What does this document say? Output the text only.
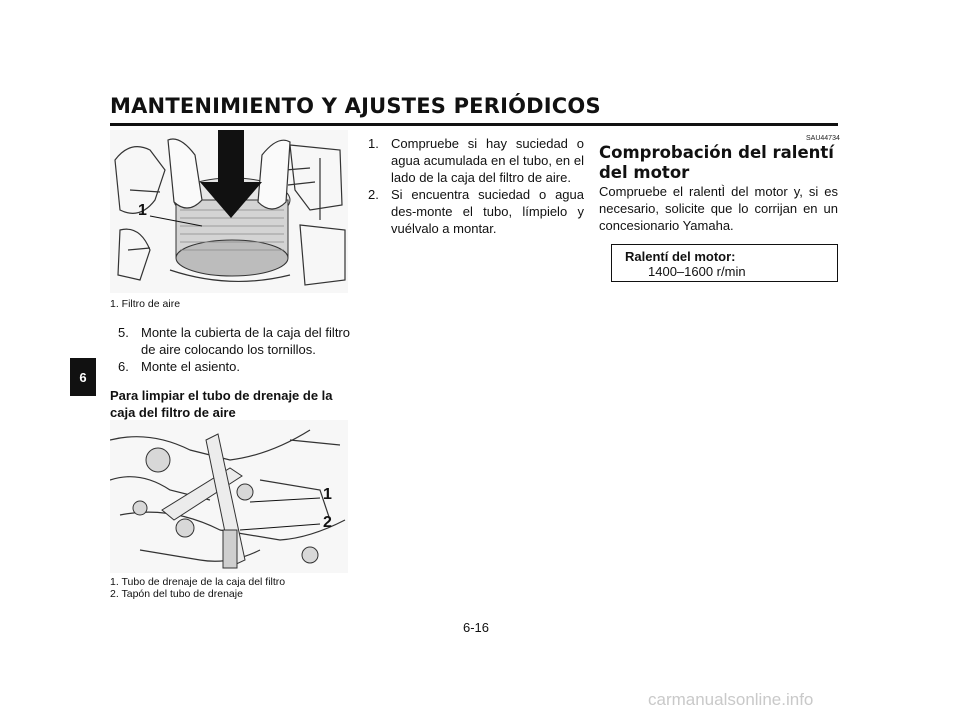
MANTENIMIENTO Y AJUSTES PERIÓDICOS
6
1
1. Filtro de aire
5. Monte la cubierta de la caja del filtro de aire colocando los tornillos.
6. Monte el asiento.
Para limpiar el tubo de drenaje de la caja del filtro de aire
1
2
1. Tubo de drenaje de la caja del filtro
2. Tapón del tubo de drenaje
1. Compruebe si hay suciedad o agua acumulada en el tubo, en el lado de la caja del filtro de aire.
2. Si encuentra suciedad o agua des-monte el tubo, límpielo y vuélvalo a montar.
SAU44734
Comprobación del ralentí del motor
Compruebe el ralentÌ del motor y, si es necesario, solicite que lo corrijan en un concesionario Yamaha.
Ralentí del motor:
1400–1600 r/min
6-16
carmanualsonline.info
